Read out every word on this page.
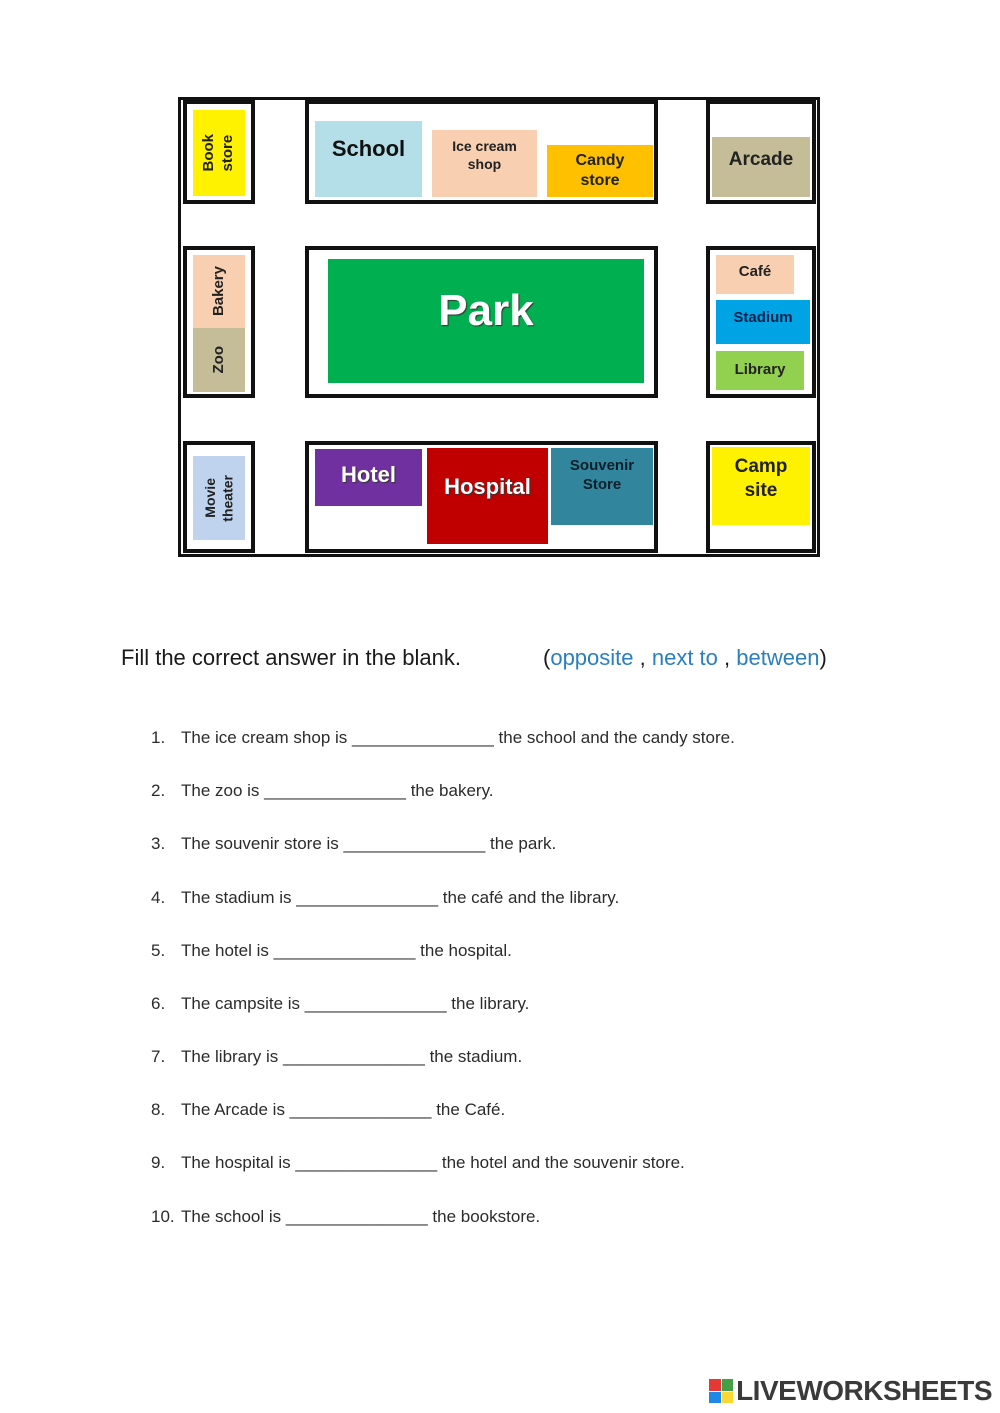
Book
store	School	Ice cream
shop	Candy
store
Arcade
Bakery
Zoo
Park
Café
Stadium
Library
Movie
theater
Hotel Hospital
Souvenir
Store
Camp
site
Fill the correct answer in the blank.	(opposite , next to , between)
1. The ice cream shop is _______________ the school and the candy store.
2. The zoo is _______________ the bakery.
3. The souvenir store is _______________ the park.
4. The stadium is _______________ the café and the library.
5. The hotel is _______________ the hospital.
6. The campsite is _______________ the library.
7. The library is _______________ the stadium.
8. The Arcade is _______________ the Café.
9. The hospital is _______________ the hotel and the souvenir store.
10. The school is _______________ the bookstore.
LIVEWORKSHEETS
